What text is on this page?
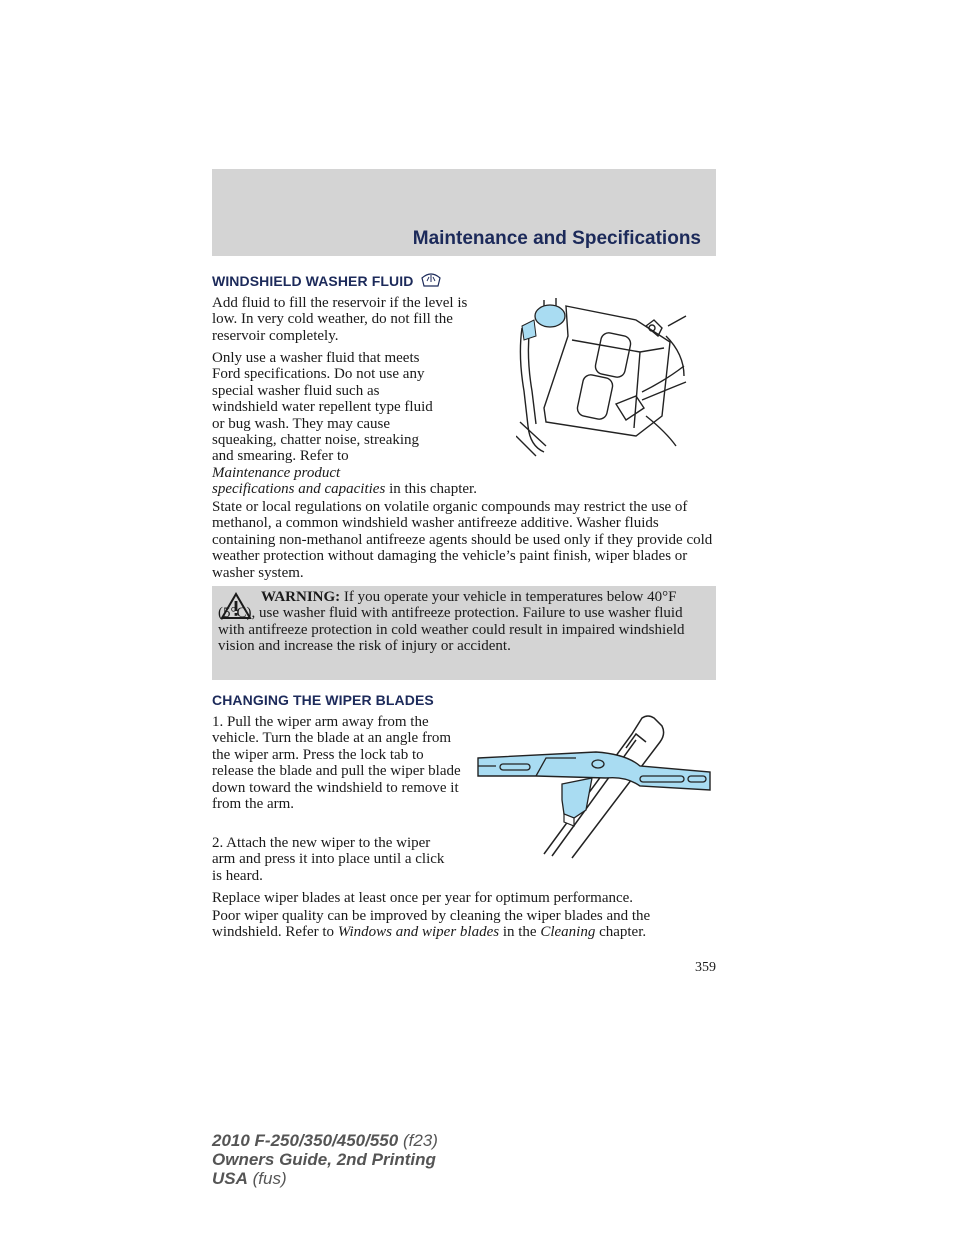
Maintenance and Specifications
WINDSHIELD WASHER FLUID

Add fluid to fill the reservoir if the level is low. In very cold weather, do not fill the reservoir completely.

Only use a washer fluid that meets
Ford specifications. Do not use any
special washer fluid such as
windshield water repellent type fluid
or bug wash. They may cause
squeaking, chatter noise, streaking
and smearing. Refer to
Maintenance product
specifications and capacities in this chapter.

State or local regulations on volatile organic compounds may restrict the use of methanol, a common windshield washer antifreeze additive. Washer fluids containing non-methanol antifreeze agents should be used only if they provide cold weather protection without damaging the vehicle’s paint finish, wiper blades or washer system.

WARNING: If you operate your vehicle in temperatures below 40°F (5°C), use washer fluid with antifreeze protection. Failure to use washer fluid with antifreeze protection in cold weather could result in impaired windshield vision and increase the risk of injury or accident.

CHANGING THE WIPER BLADES

1. Pull the wiper arm away from the vehicle. Turn the blade at an angle from the wiper arm. Press the lock tab to release the blade and pull the wiper blade down toward the windshield to remove it from the arm.

2. Attach the new wiper to the wiper arm and press it into place until a click is heard.

Replace wiper blades at least once per year for optimum performance.

Poor wiper quality can be improved by cleaning the wiper blades and the windshield. Refer to Windows and wiper blades in the Cleaning chapter.

359
2010 F-250/350/450/550 (f23)
Owners Guide, 2nd Printing
USA (fus)
